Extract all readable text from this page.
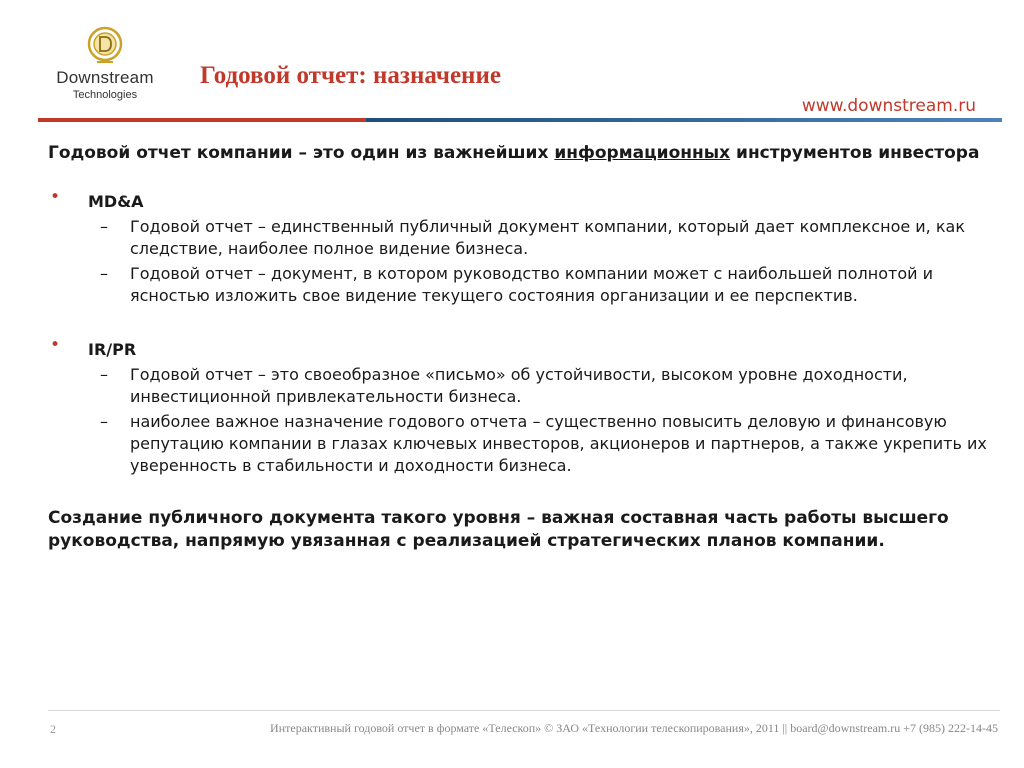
Downstream
Technologies
Годовой отчет: назначение
www.downstream.ru

Годовой отчет компании – это один из важнейших информационных инструментов инвестора

• MD&A
– Годовой отчет – единственный публичный документ компании, который дает комплексное и, как следствие, наиболее полное видение бизнеса.
– Годовой отчет – документ, в котором руководство компании может с наибольшей полнотой и ясностью изложить свое видение текущего состояния организации и ее перспектив.
• IR/PR
– Годовой отчет – это своеобразное «письмо» об устойчивости, высоком уровне доходности, инвестиционной привлекательности бизнеса.
– наиболее важное назначение годового отчета – существенно повысить деловую и финансовую репутацию компании в глазах ключевых инвесторов, акционеров и партнеров, а также укрепить их уверенность в стабильности и доходности бизнеса.
Создание публичного документа такого уровня – важная составная часть работы высшего руководства, напрямую увязанная с реализацией стратегических планов компании.
2	Интерактивный годовой отчет в формате «Телескоп» © ЗАО «Технологии телескопирования», 2011 || board@downstream.ru +7 (985) 222-14-45
